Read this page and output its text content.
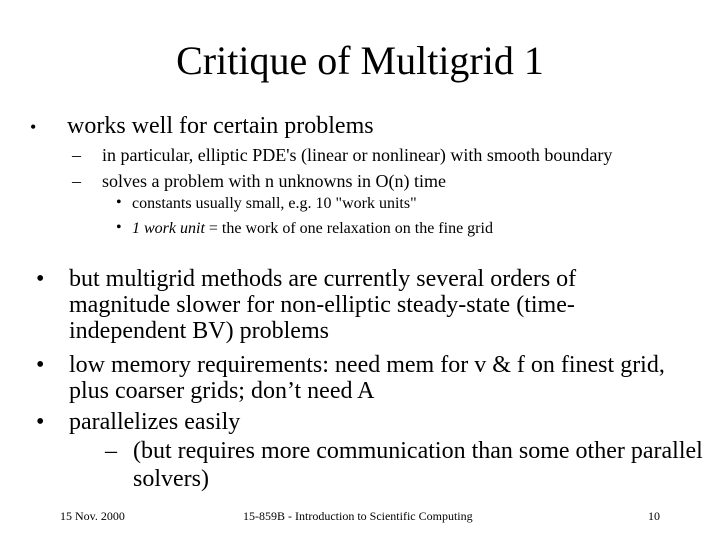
Critique of Multigrid 1
• works well for certain problems
– in particular, elliptic PDE's (linear or nonlinear) with smooth boundary
– solves a problem with n unknowns in O(n) time
• constants usually small, e.g. 10 "work units"
• 1 work unit = the work of one relaxation on the fine grid
• but multigrid methods are currently several orders of
magnitude slower for non-elliptic steady-state (time-
independent BV) problems
• low memory requirements: need mem for v & f on finest grid,
plus coarser grids; don’t need A
• parallelizes easily
– (but requires more communication than some other parallel
solvers)
15 Nov. 2000	15-859B - Introduction to Scientific Computing	10
